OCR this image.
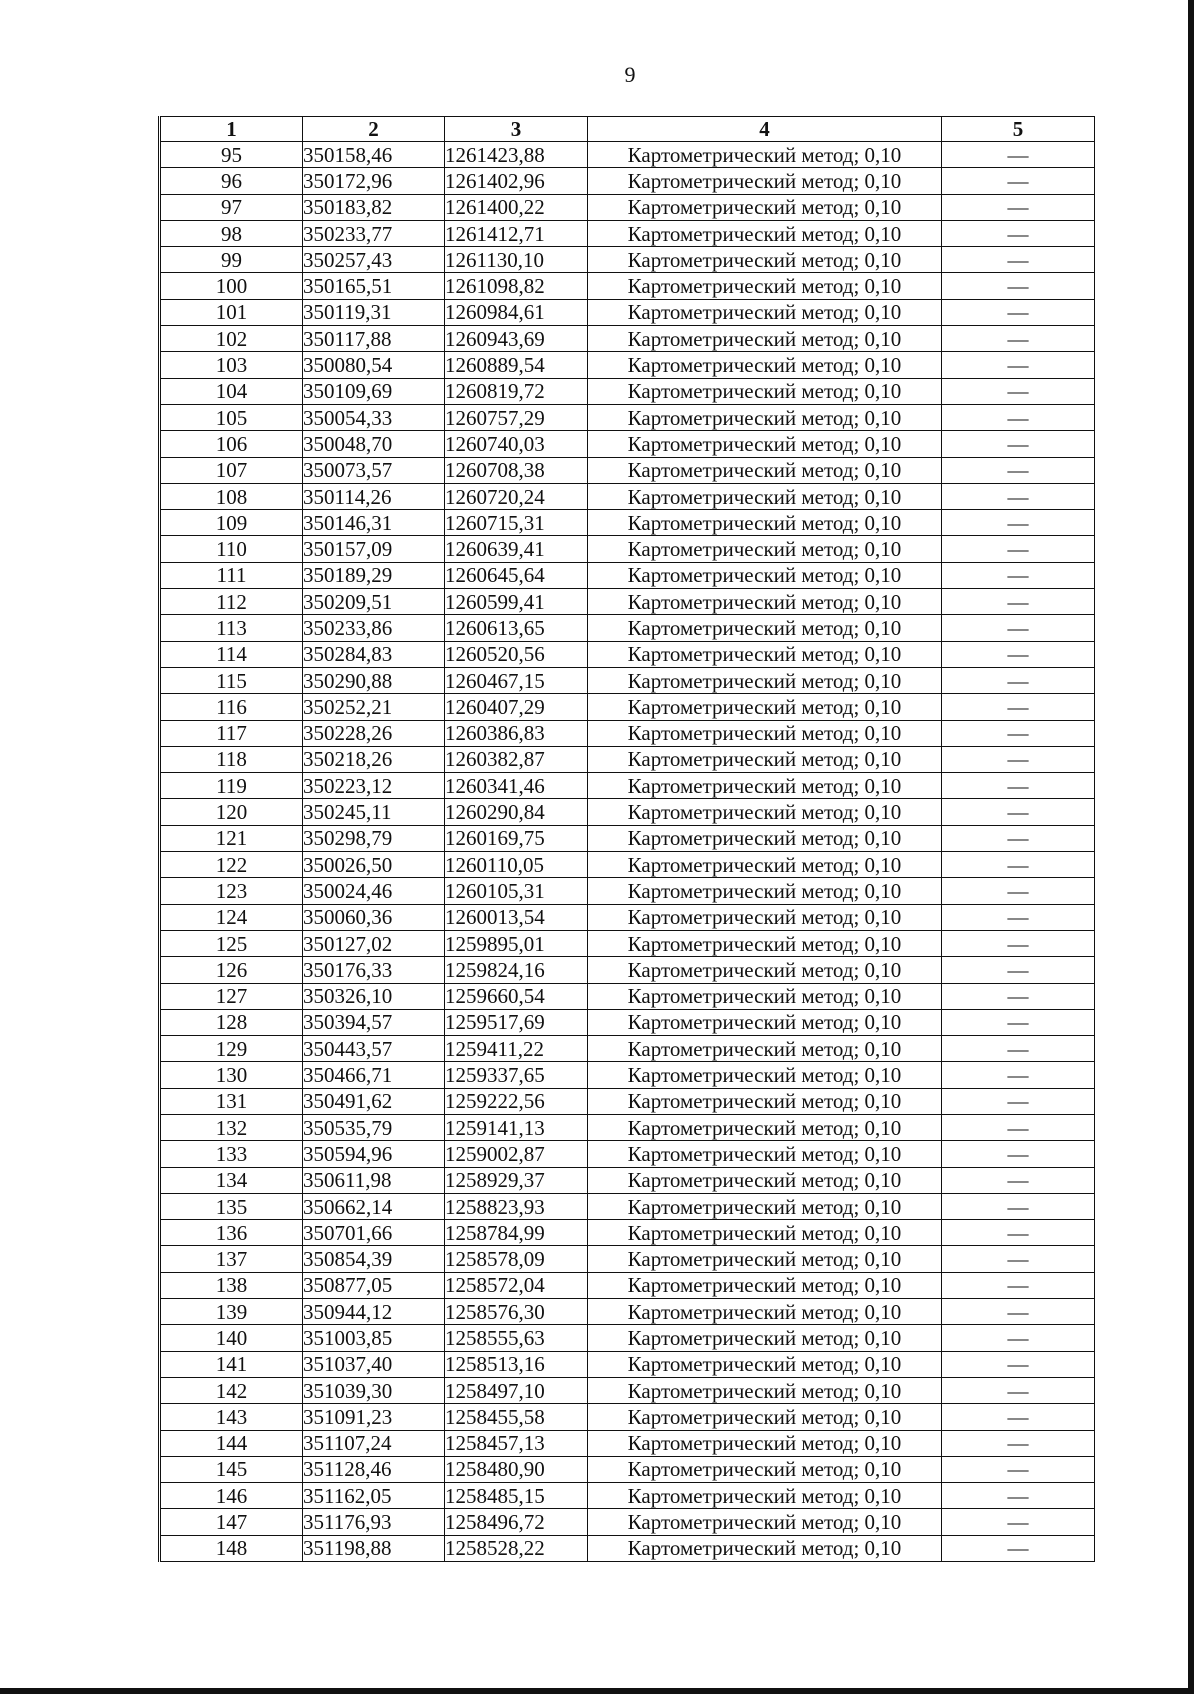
9
1	2	3	4	5
95	350158,46	1261423,88	Картометрический метод; 0,10	—
96	350172,96	1261402,96	Картометрический метод; 0,10	—
97	350183,82	1261400,22	Картометрический метод; 0,10	—
98	350233,77	1261412,71	Картометрический метод; 0,10	—
99	350257,43	1261130,10	Картометрический метод; 0,10	—
100	350165,51	1261098,82	Картометрический метод; 0,10	—
101	350119,31	1260984,61	Картометрический метод; 0,10	—
102	350117,88	1260943,69	Картометрический метод; 0,10	—
103	350080,54	1260889,54	Картометрический метод; 0,10	—
104	350109,69	1260819,72	Картометрический метод; 0,10	—
105	350054,33	1260757,29	Картометрический метод; 0,10	—
106	350048,70	1260740,03	Картометрический метод; 0,10	—
107	350073,57	1260708,38	Картометрический метод; 0,10	—
108	350114,26	1260720,24	Картометрический метод; 0,10	—
109	350146,31	1260715,31	Картометрический метод; 0,10	—
110	350157,09	1260639,41	Картометрический метод; 0,10	—
111	350189,29	1260645,64	Картометрический метод; 0,10	—
112	350209,51	1260599,41	Картометрический метод; 0,10	—
113	350233,86	1260613,65	Картометрический метод; 0,10	—
114	350284,83	1260520,56	Картометрический метод; 0,10	—
115	350290,88	1260467,15	Картометрический метод; 0,10	—
116	350252,21	1260407,29	Картометрический метод; 0,10	—
117	350228,26	1260386,83	Картометрический метод; 0,10	—
118	350218,26	1260382,87	Картометрический метод; 0,10	—
119	350223,12	1260341,46	Картометрический метод; 0,10	—
120	350245,11	1260290,84	Картометрический метод; 0,10	—
121	350298,79	1260169,75	Картометрический метод; 0,10	—
122	350026,50	1260110,05	Картометрический метод; 0,10	—
123	350024,46	1260105,31	Картометрический метод; 0,10	—
124	350060,36	1260013,54	Картометрический метод; 0,10	—
125	350127,02	1259895,01	Картометрический метод; 0,10	—
126	350176,33	1259824,16	Картометрический метод; 0,10	—
127	350326,10	1259660,54	Картометрический метод; 0,10	—
128	350394,57	1259517,69	Картометрический метод; 0,10	—
129	350443,57	1259411,22	Картометрический метод; 0,10	—
130	350466,71	1259337,65	Картометрический метод; 0,10	—
131	350491,62	1259222,56	Картометрический метод; 0,10	—
132	350535,79	1259141,13	Картометрический метод; 0,10	—
133	350594,96	1259002,87	Картометрический метод; 0,10	—
134	350611,98	1258929,37	Картометрический метод; 0,10	—
135	350662,14	1258823,93	Картометрический метод; 0,10	—
136	350701,66	1258784,99	Картометрический метод; 0,10	—
137	350854,39	1258578,09	Картометрический метод; 0,10	—
138	350877,05	1258572,04	Картометрический метод; 0,10	—
139	350944,12	1258576,30	Картометрический метод; 0,10	—
140	351003,85	1258555,63	Картометрический метод; 0,10	—
141	351037,40	1258513,16	Картометрический метод; 0,10	—
142	351039,30	1258497,10	Картометрический метод; 0,10	—
143	351091,23	1258455,58	Картометрический метод; 0,10	—
144	351107,24	1258457,13	Картометрический метод; 0,10	—
145	351128,46	1258480,90	Картометрический метод; 0,10	—
146	351162,05	1258485,15	Картометрический метод; 0,10	—
147	351176,93	1258496,72	Картометрический метод; 0,10	—
148	351198,88	1258528,22	Картометрический метод; 0,10	—
